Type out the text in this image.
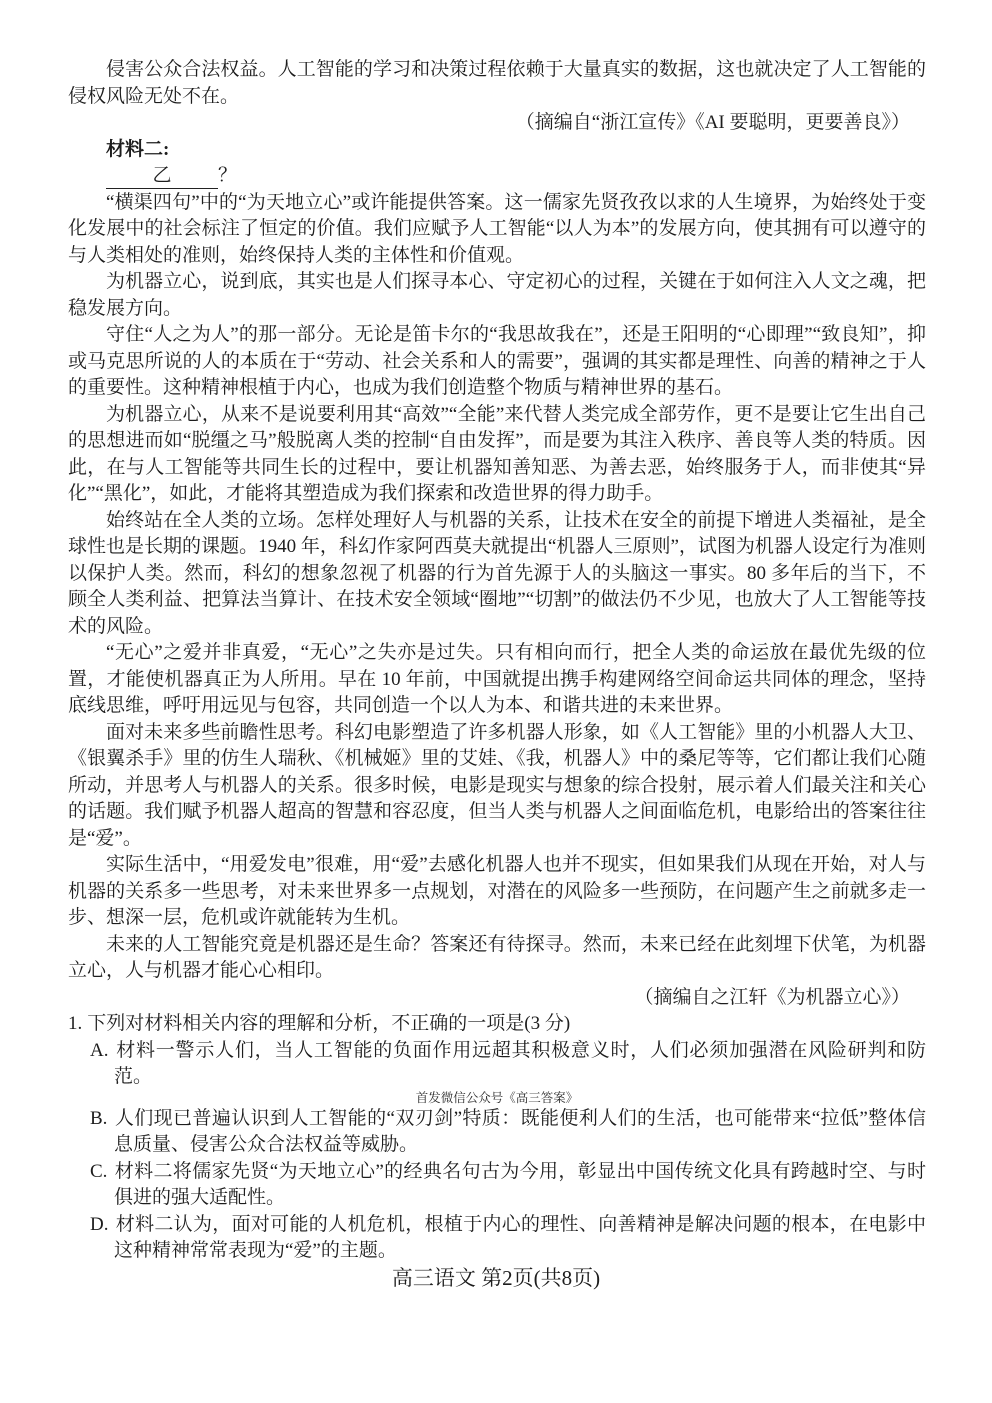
侵害公众合法权益。人工智能的学习和决策过程依赖于大量真实的数据，这也就决定了人工智能的侵权风险无处不在。

（摘编自“浙江宣传》《AI 要聪明，更要善良》）

材料二:

乙 ？

“横渠四句”中的“为天地立心”或许能提供答案。这一儒家先贤孜孜以求的人生境界，为始终处于变化发展中的社会标注了恒定的价值。我们应赋予人工智能“以人为本”的发展方向，使其拥有可以遵守的与人类相处的准则，始终保持人类的主体性和价值观。

为机器立心，说到底，其实也是人们探寻本心、守定初心的过程，关键在于如何注入人文之魂，把稳发展方向。

守住“人之为人”的那一部分。无论是笛卡尔的“我思故我在”，还是王阳明的“心即理”“致良知”，抑或马克思所说的人的本质在于“劳动、社会关系和人的需要”，强调的其实都是理性、向善的精神之于人的重要性。这种精神根植于内心，也成为我们创造整个物质与精神世界的基石。

为机器立心，从来不是说要利用其“高效”“全能”来代替人类完成全部劳作，更不是要让它生出自己的思想进而如“脱缰之马”般脱离人类的控制“自由发挥”，而是要为其注入秩序、善良等人类的特质。因此，在与人工智能等共同生长的过程中，要让机器知善知恶、为善去恶，始终服务于人，而非使其“异化”“黑化”，如此，才能将其塑造成为我们探索和改造世界的得力助手。

始终站在全人类的立场。怎样处理好人与机器的关系，让技术在安全的前提下增进人类福祉，是全球性也是长期的课题。1940 年，科幻作家阿西莫夫就提出“机器人三原则”，试图为机器人设定行为准则以保护人类。然而，科幻的想象忽视了机器的行为首先源于人的头脑这一事实。80 多年后的当下，不顾全人类利益、把算法当算计、在技术安全领域“圈地”“切割”的做法仍不少见，也放大了人工智能等技术的风险。

“无心”之爱并非真爱，“无心”之失亦是过失。只有相向而行，把全人类的命运放在最优先级的位置，才能使机器真正为人所用。早在 10 年前，中国就提出携手构建网络空间命运共同体的理念，坚持底线思维，呼吁用远见与包容，共同创造一个以人为本、和谐共进的未来世界。

面对未来多些前瞻性思考。科幻电影塑造了许多机器人形象，如《人工智能》里的小机器人大卫、《银翼杀手》里的仿生人瑞秋、《机械姬》里的艾娃、《我，机器人》中的桑尼等等，它们都让我们心随所动，并思考人与机器人的关系。很多时候，电影是现实与想象的综合投射，展示着人们最关注和关心的话题。我们赋予机器人超高的智慧和容忍度，但当人类与机器人之间面临危机，电影给出的答案往往是“爱”。

实际生活中，“用爱发电”很难，用“爱”去感化机器人也并不现实，但如果我们从现在开始，对人与机器的关系多一些思考，对未来世界多一点规划，对潜在的风险多一些预防，在问题产生之前就多走一步、想深一层，危机或许就能转为生机。

未来的人工智能究竟是机器还是生命？答案还有待探寻。然而，未来已经在此刻埋下伏笔，为机器立心，人与机器才能心心相印。

（摘编自之江轩《为机器立心》）

1. 下列对材料相关内容的理解和分析，不正确的一项是(3 分)

A. 材料一警示人们，当人工智能的负面作用远超其积极意义时，人们必须加强潜在风险研判和防范。

首发微信公众号《高三答案》

B. 人们现已普遍认识到人工智能的“双刃剑”特质：既能便利人们的生活，也可能带来“拉低”整体信息质量、侵害公众合法权益等威胁。

C. 材料二将儒家先贤“为天地立心”的经典名句古为今用，彰显出中国传统文化具有跨越时空、与时俱进的强大适配性。

D. 材料二认为，面对可能的人机危机，根植于内心的理性、向善精神是解决问题的根本，在电影中这种精神常常表现为“爱”的主题。

高三语文 第2页(共8页)
